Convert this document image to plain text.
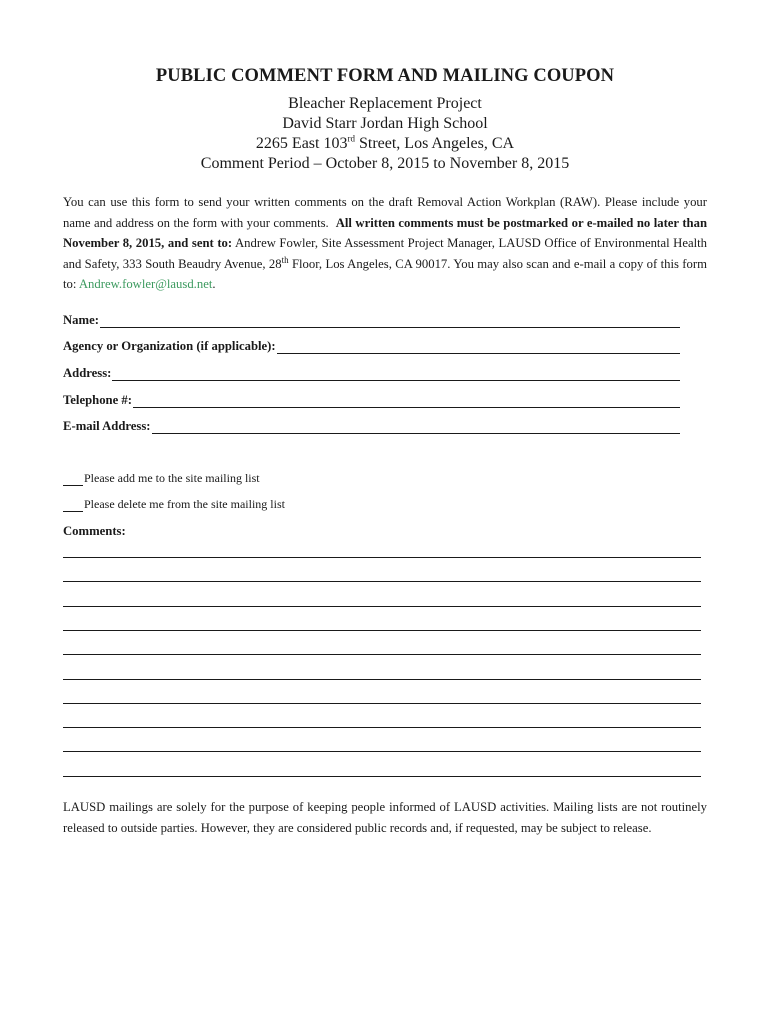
PUBLIC COMMENT FORM AND MAILING COUPON
Bleacher Replacement Project
David Starr Jordan High School
2265 East 103rd Street, Los Angeles, CA
Comment Period – October 8, 2015 to November 8, 2015
You can use this form to send your written comments on the draft Removal Action Workplan (RAW). Please include your name and address on the form with your comments. All written comments must be postmarked or e-mailed no later than November 8, 2015, and sent to: Andrew Fowler, Site Assessment Project Manager, LAUSD Office of Environmental Health and Safety, 333 South Beaudry Avenue, 28th Floor, Los Angeles, CA 90017. You may also scan and e-mail a copy of this form to: Andrew.fowler@lausd.net.
Name:
Agency or Organization (if applicable):
Address:
Telephone #:
E-mail Address:
Please add me to the site mailing list
Please delete me from the site mailing list
Comments:
LAUSD mailings are solely for the purpose of keeping people informed of LAUSD activities. Mailing lists are not routinely released to outside parties. However, they are considered public records and, if requested, may be subject to release.
